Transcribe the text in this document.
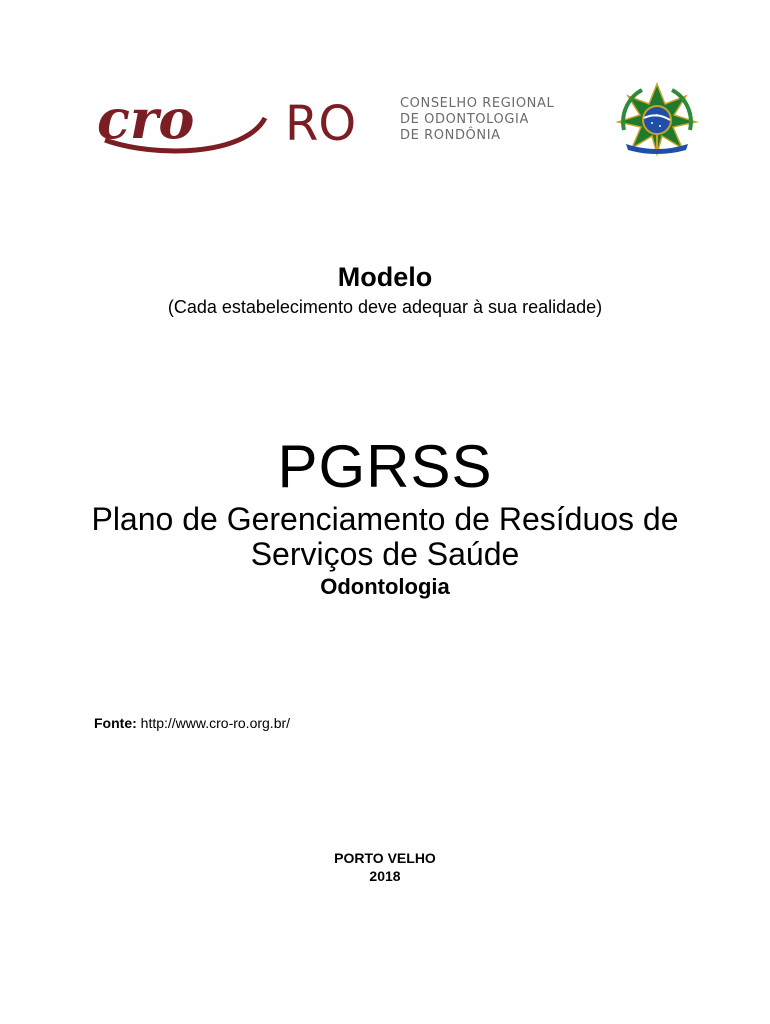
cro RO	CONSELHO REGIONAL
DE ODONTOLOGIA
DE RONDÔNIA
Modelo
(Cada estabelecimento deve adequar à sua realidade)
PGRSS
Plano de Gerenciamento de Resíduos de
Serviços de Saúde
Odontologia
Fonte: http://www.cro-ro.org.br/
PORTO VELHO
2018
